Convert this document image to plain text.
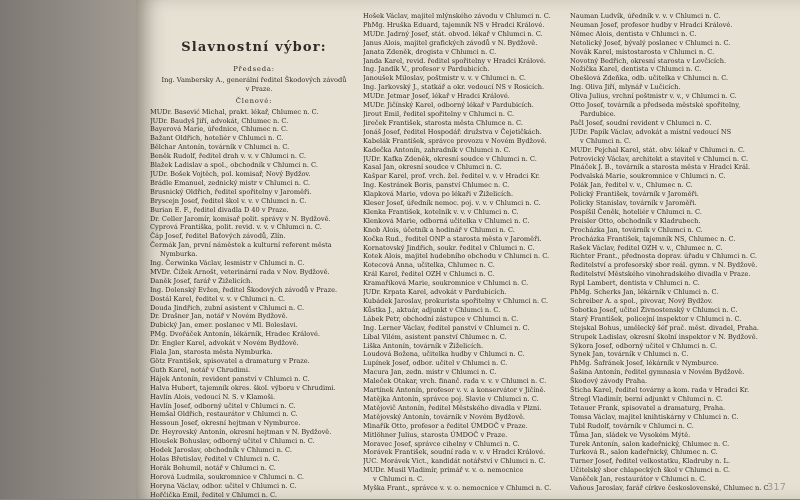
Slavnostní výbor:
Předseda:
Ing. Vambersky A., generální ředitel Škodových závodů
v Praze.
Členové:
MUDr. Basević Michal, prakt. lékař, Chlumec n. C.
JUDr. Baudyš Jiří, advokát, Chlumec n. C.
Bayerová Marie, úřednice, Chlumec n. C.
Bažant Oldřich, hoteliér v Chlumci n. C.
Bělchar Antonín, továrník v Chlumci n. C.
Beněk Rudolf, ředitel drah v. v. v Chlumci n. C.
Blažek Ladislav a spol., obchodník v Chlumci n. C.
JUDr. Bošek Vojtěch, pol. komisař, Nový Bydžov.
Brádle Emanuel, zednický mistr v Chlumci n. C.
Brusnický Oldřich, ředitel spořitelny v Jaroměři.
Bryscejn Josef, ředitel škol v. v. v Chlumci n. C.
Burian E. F., ředitel divadla D 40 v Praze.
Dr. Celler Jaromír, komisař polit. správy v N. Bydžově.
Cyprová Františka, polit. revid. v. v. v Chlumci n. C.
Čáp Josef, ředitel Baťových závodů, Zlín.
Čermák Jan, první náměstek a kulturní referent města
Nymburka.
Ing. Čerwinka Václav, lesmistr v Chlumci n. C.
MVDr. Čížek Arnošt, veterinární rada v Nov. Bydžově.
Daněk Josef, farář v Žiželicích.
Ing. Dolenský Evžen, ředitel Škodových závodů v Praze.
Dostál Karel, ředitel v. v. v Chlumci n. C.
Douda Jindřich, zubní asistent v Chlumci n. C.
Dr. Drašner Jan, notář v Novém Bydžově.
Dubický Jan, emer. poslanec v Ml. Boleslavi.
PMg. Dvořáček Antonín, lékárník, Hradec Králové.
Dr. Engler Karel, advokát v Novém Bydžově.
Fiala Jan, starosta města Nymburka.
Götz František, spisovatel a dramaturg v Praze.
Guth Karel, notář v Chrudimi.
Hájek Antonín, revident panství v Chlumci n. C.
Halva Hubert, tajemník okres. škol. výboru v Chrudimi.
Havlín Alois, vedoucí N. S. v Klamoši.
Havlín Josef, odborný učitel v Chlumci n. C.
Hemšal Oldřich, restaurátor v Chlumci n. C.
Hessoun Josef, okresní hejtman v Nymburce.
Dr. Heyrovský Antonín, okresní hejtman v N. Bydžově.
Hloušek Bohuslav, odborný učitel v Chlumci n. C.
Hodek Jaroslav, obchodník v Chlumci n. C.
Holas Břetislav, ředitel v Chlumci n. C.
Horák Bohumil, notář v Chlumci n. C.
Horová Ludmila, soukromnice v Chlumci n. C.
Horyna Václav, odbor. učitel v Chlumci n. C.
Hořčička Emil, ředitel v Chlumci n. C.
Hošek Václav, majitel mlýnského závodu v Chlumci n. C.
PhMg. Hruška Eduard, tajemník NS v Hradci Králové.
MUDr. Jadrný Josef, stát. obvod. lékař v Chlumci n. C.
Janus Alois, majitel grafických závodů v N. Bydžově.
Janata Zdeněk, drogista v Chlumci n. C.
Janda Karel, revid. ředitel spořitelny v Hradci Králové.
Ing. Jandík V., profesor v Pardubicích.
Janoušek Miloslav, poštmistr v. v. v Chlumci n. C.
Ing. Jarkovský J., statkář a okr. vedoucí NS v Rosicích.
MUDr. Jetmar Josef, lékař v Hradci Králové.
MUDr. Jičínský Karel, odborný lékař v Pardubicích.
Jirout Emil, ředitel spořitelny v Chlumci n. C.
Jireček František, starosta města Chlumce n. C.
Jonáš Josef, ředitel Hospodář. družstva v Čejetičkách.
Kabelák František, správce provozu v Novém Bydžově.
Kadečka Antonín, zahradník v Chlumci n. C.
JUDr. Kafka Zdeněk, okresní soudce v Chlumci n. C.
Kasal Jan, okresní soudce v Chlumci n. C.
Kašpar Karel, prof. vrch. žel. ředitel v. v. v Hradci Kr.
Ing. Kestránek Boris, panství Chlumec n. C.
Klapková Marie, vdova po lékaři v Žiželicích.
Kleser Josef, úředník nemoc. poj. v. v. v Chlumci n. C.
Klenka František, kotelník v. v. v Chlumci n. C.
Klenková Marie, odborná učitelka v Chlumci n. C.
Knob Alois, účetník a hodinář v Chlumci n. C.
Kočka Rud., ředitel ONP a starosta města v Jaroměři.
Kornatovský Jindřich, soukr. ředitel v Chlumci n. C.
Kotek Alois, majitel hudebního obchodu v Chlumci n. C.
Kotecová Anna, učitelka, Chlumec n. C.
Král Karel, ředitel OZH v Chlumci n. C.
Kramaříková Marie, soukromnice v Chlumci n. C.
JUDr. Krpata Karel, advokát v Pardubicích.
Kubádek Jaroslav, prokurista spořitelny v Chlumci n. C.
Kůstka J., aktuár, adjunkt v Chlumci n. C.
Lábek Petr, obchodní zástupce v Chlumci n. C.
Ing. Lerner Václav, ředitel panství v Chlumci n. C.
Líbal Vilém, asistent panství Chlumec n. C.
Liška Antonín, továrník v Žiželicích.
Loudová Božena, učitelka hudby v Chlumci n. C.
Lupínek Josef, odbor. učitel v Chlumci n. C.
Macura Jan, zedn. mistr v Chlumci n. C.
Maleček Otakar, vrch. finanč. rada v. v. v Chlumci n. C.
Martínek Antonín, profesor v. v. a konservátor v Jičíně.
Matějka Antonín, správce poj. Slavie v Chlumci n. C.
Matějovič Antonín, ředitel Městského divadla v Plzni.
Matějovský Antonín, továrník v Novém Bydžově.
Minařík Otto, profesor a ředitel ÚMDOČ v Praze.
Mitlöhner Julius, starosta ÚMDOČ v Praze.
Moravec Josef, správce cihelny v Chlumci n. C.
Morávek František, soudní rada v. v. v Hradci Králové.
JUC. Morávek Vict., kandidát notářství v Chlumci n. C.
MUDr. Musil Vladimír, primář v. v. o. nemocnice
v Chlumci n. C.
Myška Frant., správce v. v. o. nemocnice v Chlumci n. C.
Nauman Ludvík, úředník v. v. v Chlumci n. C.
Neuman Josef, profesor hudby v Hradci Králové.
Němec Alois, dentista v Chlumci n. C.
Netolický Josef, bývalý poslanec v Chlumci n. C.
Novák Karel, místostarosta v Chlumci n. C.
Novotný Bedřich, okresní starosta v Lovčicích.
Nožička Karel, dentista v Chlumci n. C.
Obešlová Zdeňka, odb. učitelka v Chlumci n. C.
Ing. Oliva Jiří, mlynář v Lučicích.
Oliva Julius, vrchní poštmistr v. v., v Chlumci n. C.
Otto Josef, továrník a předseda městské spořitelny,
Pardubice.
Pačl Josef, soudní revident v Chlumci n. C.
JUDr. Papík Václav, advokát a místní vedoucí NS
v Chlumci n. C.
MUDr. Pejchal Karel, stát. obv. lékař v Chlumci n. C.
Petrovický Václav, architekt a stavitel v Chlumci n. C.
Plnáček J. B., továrník a starosta města v Hradci Král.
Podvalská Marie, soukromnice v Chlumci n. C.
Polák Jan, ředitel v. v., Chlumec n. C.
Polický František, továrník v Jaroměři.
Policky Stanislav, továrník v Jaroměři.
Pospíšil Čeněk, hoteliér v Chlumci n. C.
Preisler Otto, obchodník v Kladrubech.
Procházka Jan, továrník v Chlumci n. C.
Procházka František, tajemník NS, Chlumec n. C.
Rašek Václav, ředitel OZH v. v., Chlumec n. C.
Richter Frant., přednosta doprav. úřadu v Chlumci n. C.
Ředitelství a profesorský sbor reál. gymn. v N. Bydžově.
Ředitelství Městského vinohradského divadla v Praze.
Rypl Lambert, dentista v Chlumci n. C.
PhMg. Scherks Jan, lékárník v Chlumci n. C.
Schreiber A. a spol., pivovar, Nový Bydžov.
Sobotka Josef, učitel Živnostenský v Chlumci n. C.
Starý František, policejní inspektor v Chlumci n. C.
Stejskal Bohus, umělecký šéf prač. měst. divadel, Praha.
Strupek Ladislav, okresní školní inspektor v N. Bydžově.
Sýkora Josef, odborný učitel v Chlumci n. C.
Synek Jan, továrník v Chlumci n. C.
PhMg. Šafránek Josef, lékárník v Nymburce.
Šašina Antonín, ředitel gymnasia v Novém Bydžově.
Škodový závody Praha.
Šticha Karel, ředitel továrny a kom. rada v Hradci Kr.
Štregl Vladimír, berní adjunkt v Chlumci n. C.
Tetauer Frank, spisovatel a dramaturg, Praha.
Tomsa Václav, majitel knihtiskárny v Chlumci n. C.
Tubl Rudolf, továrník v Chlumci n. C.
Tůma Jan, sládek ve Vysokém Mýtě.
Turek Antonín, salon kadeřnický, Chlumec n. C.
Turková R., salon kadeřnický, Chlumec n. C.
Turner Josef, ředitel velkostatku, Kladruby n. L.
Učitelský sbor chlapeckých škol v Chlumci n. C.
Vaněček Jan, restaurátor v Chlumci n. C.
Vaňous Jaroslav, farář církve československé, Chlumec n. C.
317
